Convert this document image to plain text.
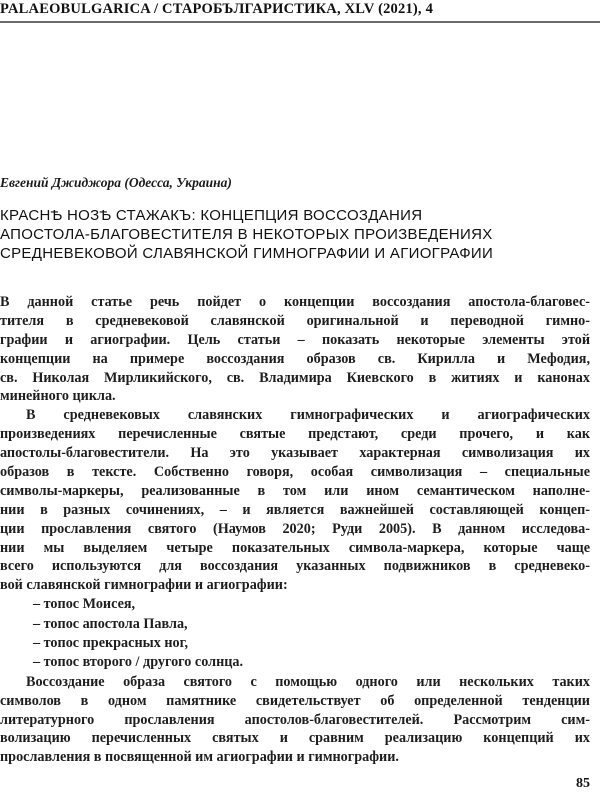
PALAEOBULGARICA / СТАРОБЪЛГАРИСТИКА, XLV (2021), 4
Евгений Джиджора (Одесса, Украина)
КРАСНѢ НОЗѢ СТАЖАКЪ: КОНЦЕПЦИЯ ВОССОЗДАНИЯ
АПОСТОЛА-БЛАГОВЕСТИТЕЛЯ В НЕКОТОРЫХ ПРОИЗВЕДЕНИЯХ
СРЕДНЕВЕКОВОЙ СЛАВЯНСКОЙ ГИМНОГРАФИИ И АГИОГРАФИИ
В данной статье речь пойдет о концепции воссоздания апостола-благовес-
тителя в средневековой славянской оригинальной и переводной гимно-
графии и агиографии. Цель статьи – показать некоторые элементы этой
концепции на примере воссоздания образов св. Кирилла и Мефодия,
св. Николая Мирликийского, св. Владимира Киевского в житиях и канонах
минейного цикла.
В средневековых славянских гимнографических и агиографических
произведениях перечисленные святые предстают, среди прочего, и как
апостолы-благовестители. На это указывает характерная символизация их
образов в тексте. Собственно говоря, особая символизация – специальные
символы-маркеры, реализованные в том или ином семантическом наполне-
нии в разных сочинениях, – и является важнейшей составляющей концеп-
ции прославления святого (Наумов 2020; Руди 2005). В данном исследова-
нии мы выделяем четыре показательных символа-маркера, которые чаще
всего используются для воссоздания указанных подвижников в средневеко-
вой славянской гимнографии и агиографии:
– топос Моисея,
– топос апостола Павла,
– топос прекрасных ног,
– топос второго / другого солнца.
Воссоздание образа святого с помощью одного или нескольких таких
символов в одном памятнике свидетельствует об определенной тенденции
литературного прославления апостолов-благовестителей. Рассмотрим сим-
волизацию перечисленных святых и сравним реализацию концепций их
прославления в посвященной им агиографии и гимнографии.
85
